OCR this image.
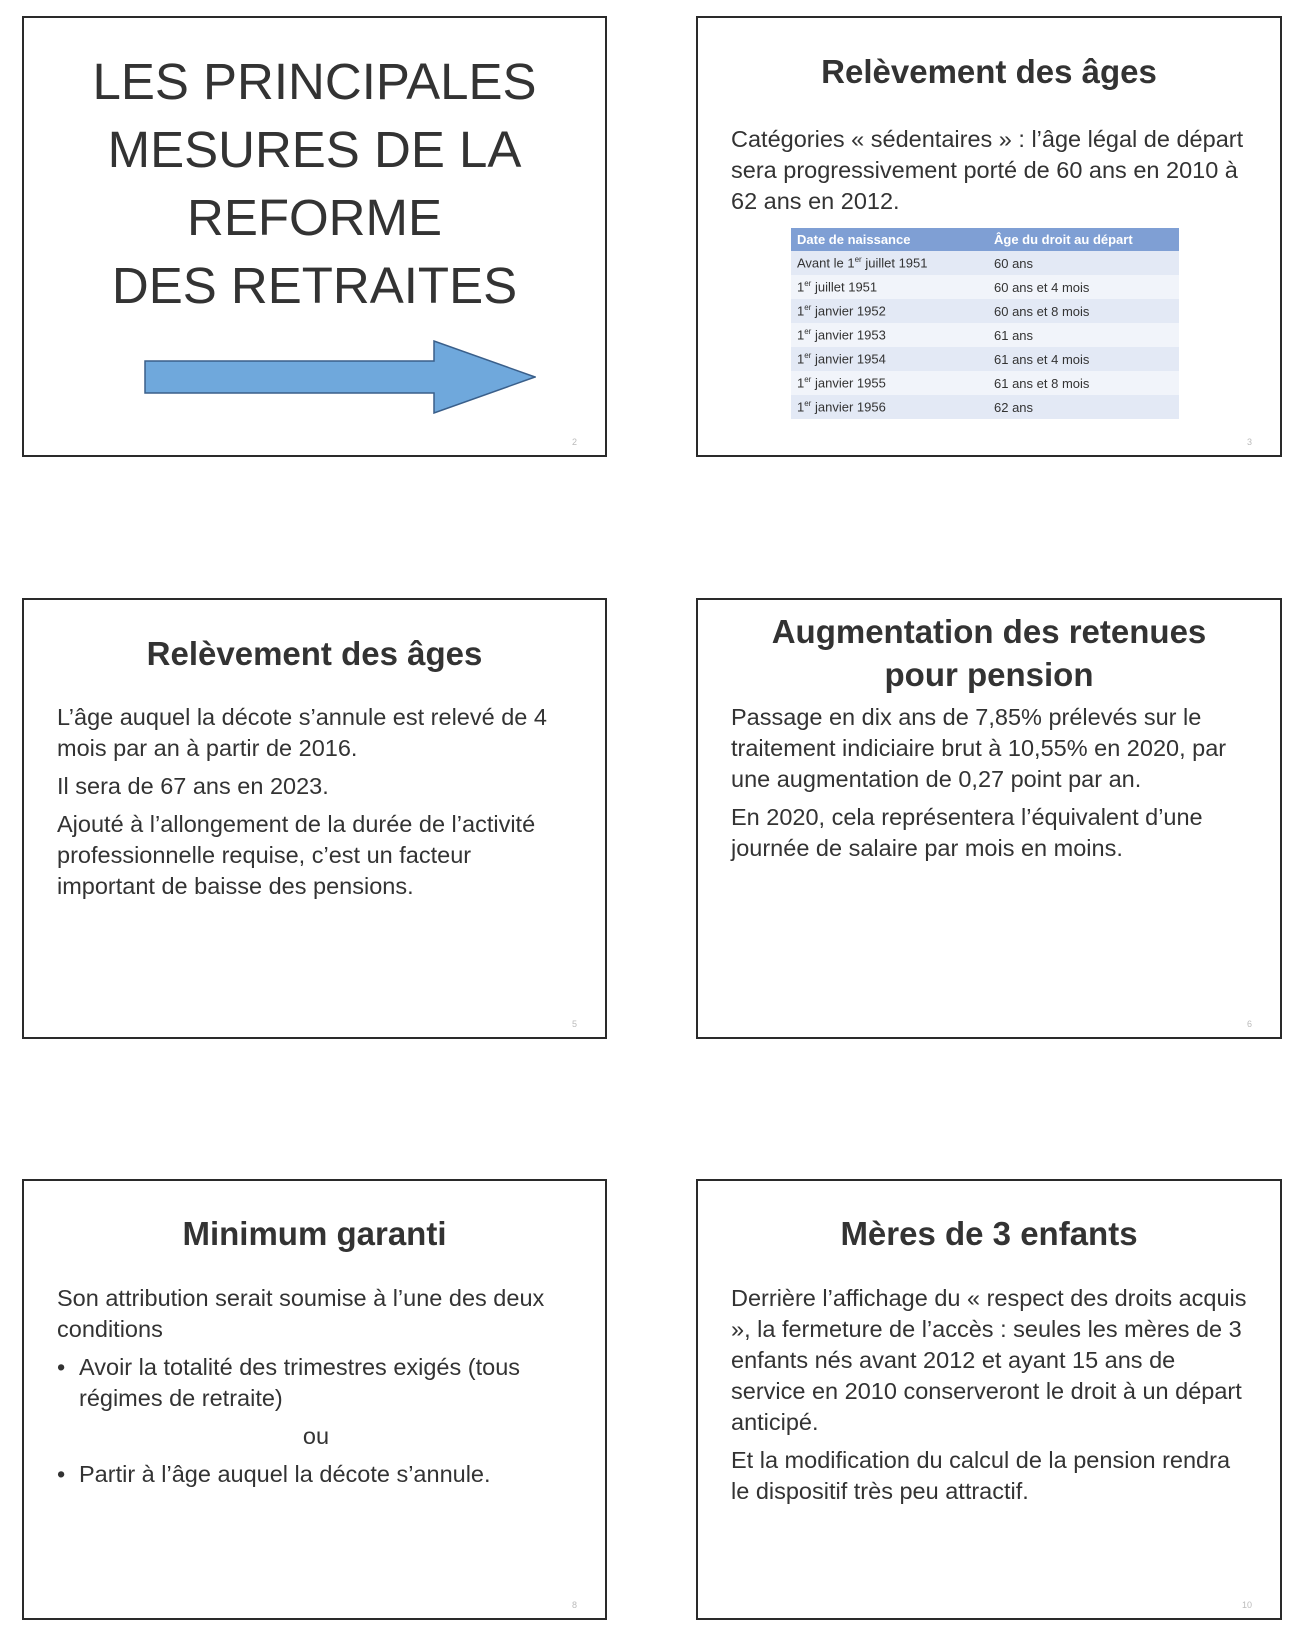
LES PRINCIPALES
MESURES DE LA
REFORME
DES RETRAITES
2
Relèvement des âges

Catégories « sédentaires » : l’âge légal de départ sera progressivement porté de 60 ans en 2010 à 62 ans en 2012.

Date de naissance	Âge du droit au départ
Avant le 1er juillet 1951	60 ans
1er juillet 1951	60 ans et 4 mois
1er janvier 1952	60 ans et 8 mois
1er janvier 1953	61 ans
1er janvier 1954	61 ans et 4 mois
1er janvier 1955	61 ans et 8 mois
1er janvier 1956	62 ans
3
Relèvement des âges

L’âge auquel la décote s’annule est relevé de 4 mois par an à partir de 2016.

Il sera de 67 ans en 2023.

Ajouté à l’allongement de la durée de l’activité professionnelle requise, c’est un facteur important de baisse des pensions.

5
Augmentation des retenues
pour pension

Passage en dix ans de 7,85% prélevés sur le traitement indiciaire brut à 10,55% en 2020, par une augmentation de 0,27 point par an.

En 2020, cela représentera l’équivalent d’une journée de salaire par mois en moins.

6
Minimum garanti

Son attribution serait soumise à l’une des deux conditions

• Avoir la totalité des trimestres exigés (tous régimes de retraite)
ou
• Partir à l’âge auquel la décote s’annule.
8
Mères de 3 enfants

Derrière l’affichage du « respect des droits acquis », la fermeture de l’accès : seules les mères de 3 enfants nés avant 2012 et ayant 15 ans de service en 2010 conserveront le droit à un départ anticipé.

Et la modification du calcul de la pension rendra le dispositif très peu attractif.

10
